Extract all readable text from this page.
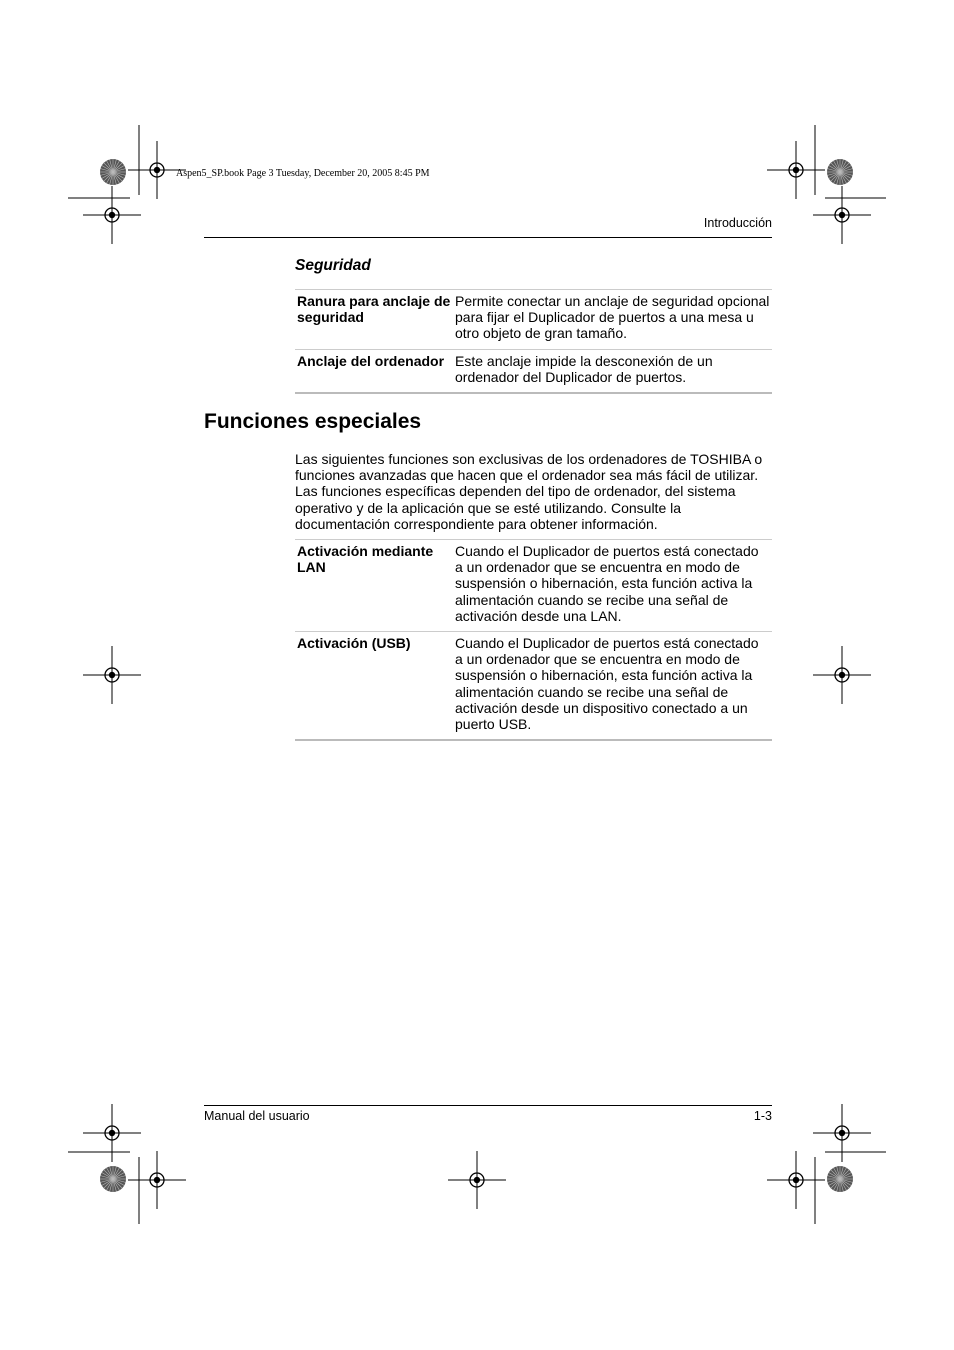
Aspen5_SP.book Page 3 Tuesday, December 20, 2005 8:45 PM
Introducción
Seguridad
Ranura para anclaje de seguridad	Permite conectar un anclaje de seguridad opcional para fijar el Duplicador de puertos a una mesa u otro objeto de gran tamaño.
Anclaje del ordenador	Este anclaje impide la desconexión de un ordenador del Duplicador de puertos.
Funciones especiales
Las siguientes funciones son exclusivas de los ordenadores de TOSHIBA o funciones avanzadas que hacen que el ordenador sea más fácil de utilizar. Las funciones específicas dependen del tipo de ordenador, del sistema operativo y de la aplicación que se esté utilizando. Consulte la documentación correspondiente para obtener información.
Activación mediante LAN	Cuando el Duplicador de puertos está conectado a un ordenador que se encuentra en modo de suspensión o hibernación, esta función activa la alimentación cuando se recibe una señal de activación desde una LAN.
Activación (USB)	Cuando el Duplicador de puertos está conectado a un ordenador que se encuentra en modo de suspensión o hibernación, esta función activa la alimentación cuando se recibe una señal de activación desde un dispositivo conectado a un puerto USB.
Manual del usuario	1-3
